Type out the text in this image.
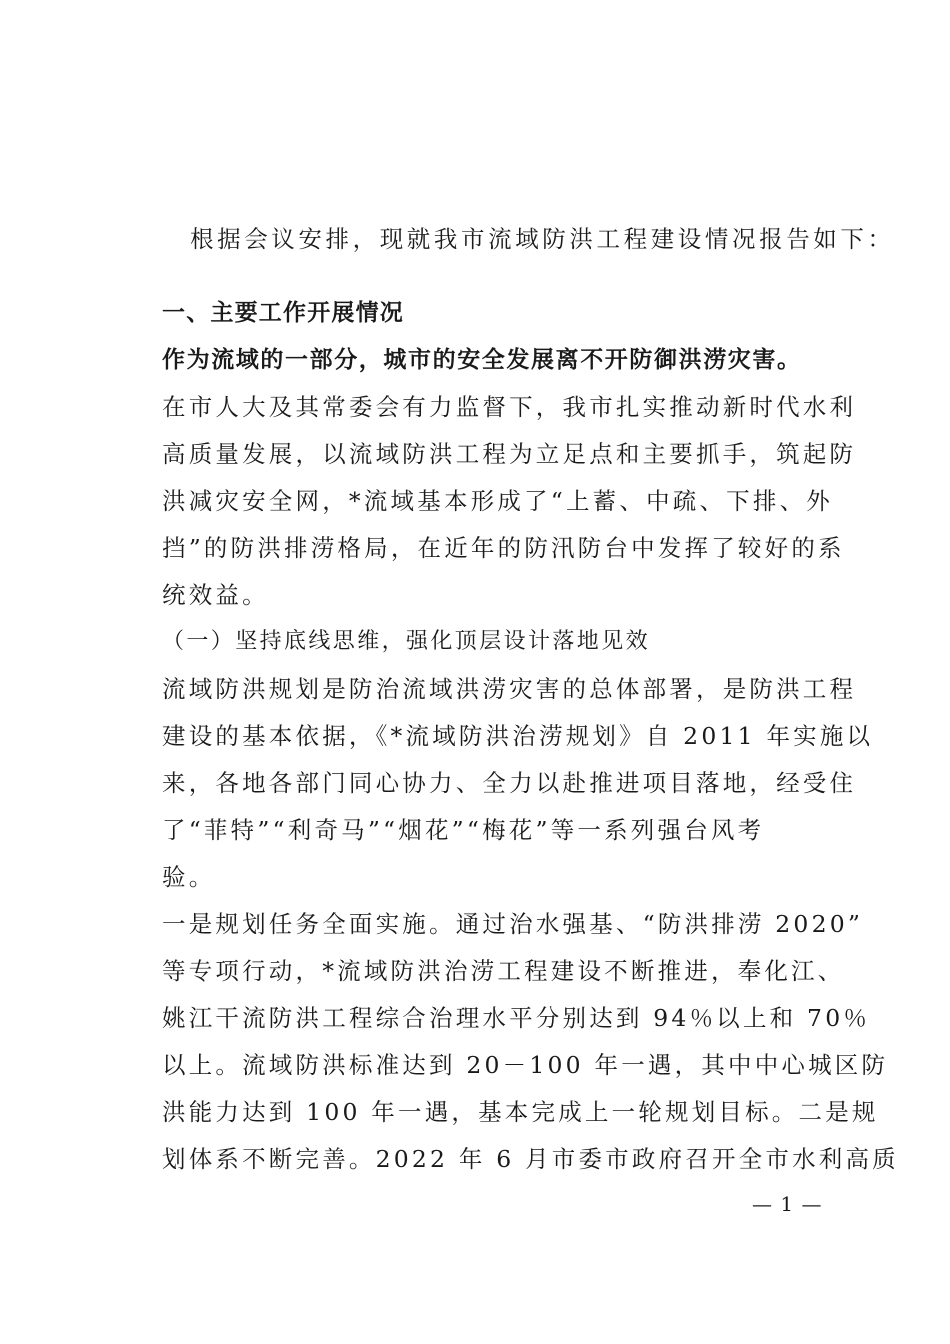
根据会议安排，现就我市流域防洪工程建设情况报告如下：
一、主要工作开展情况
作为流域的一部分，城市的安全发展离不开防御洪涝灾害。
在市人大及其常委会有力监督下，我市扎实推动新时代水利
高质量发展，以流域防洪工程为立足点和主要抓手，筑起防
洪减灾安全网，*流域基本形成了“上蓄、中疏、下排、外
挡”的防洪排涝格局，在近年的防汛防台中发挥了较好的系
统效益。
（一）坚持底线思维，强化顶层设计落地见效
流域防洪规划是防治流域洪涝灾害的总体部署，是防洪工程
建设的基本依据，《*流域防洪治涝规划》自 2011 年实施以
来，各地各部门同心协力、全力以赴推进项目落地，经受住
了“菲特”“利奇马”“烟花”“梅花”等一系列强台风考
验。
一是规划任务全面实施。通过治水强基、“防洪排涝 2020”
等专项行动，*流域防洪治涝工程建设不断推进，奉化江、
姚江干流防洪工程综合治理水平分别达到 94％以上和 70％
以上。流域防洪标准达到 20－100 年一遇，其中中心城区防
洪能力达到 100 年一遇，基本完成上一轮规划目标。二是规
划体系不断完善。2022 年 6 月市委市政府召开全市水利高质
— 1 —
